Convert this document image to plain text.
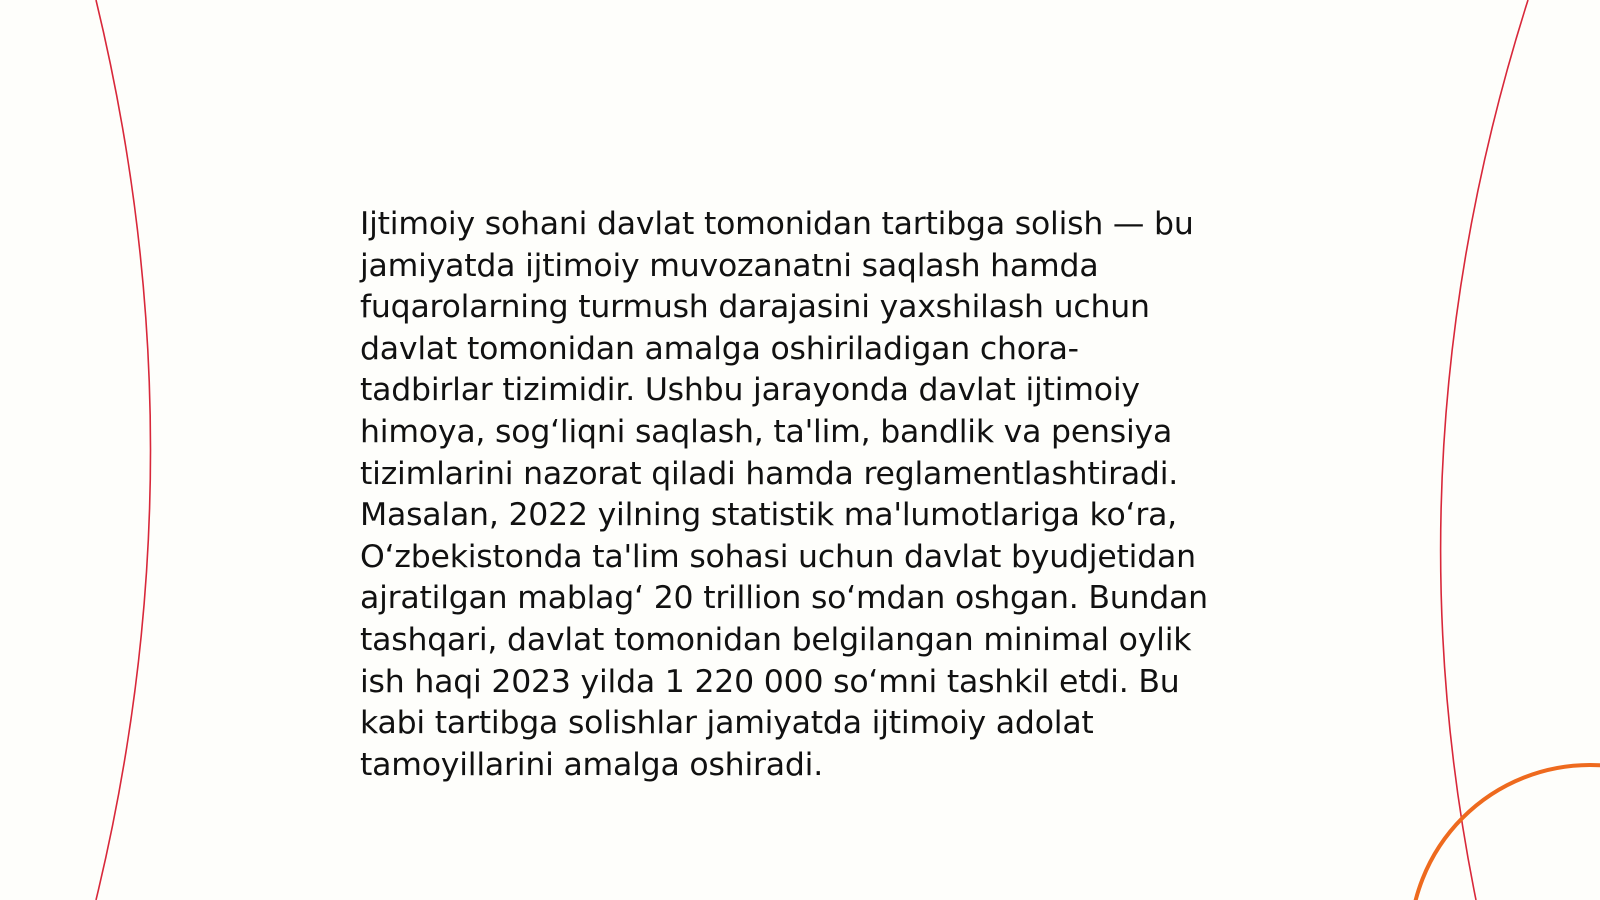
Ijtimoiy sohani davlat tomonidan tartibga solish — bu
jamiyatda ijtimoiy muvozanatni saqlash hamda
fuqarolarning turmush darajasini yaxshilash uchun
davlat tomonidan amalga oshiriladigan chora-
tadbirlar tizimidir. Ushbu jarayonda davlat ijtimoiy
himoya, sog‘liqni saqlash, ta'lim, bandlik va pensiya
tizimlarini nazorat qiladi hamda reglamentlashtiradi.
Masalan, 2022 yilning statistik ma'lumotlariga ko‘ra,
O‘zbekistonda ta'lim sohasi uchun davlat byudjetidan
ajratilgan mablag‘ 20 trillion so‘mdan oshgan. Bundan
tashqari, davlat tomonidan belgilangan minimal oylik
ish haqi 2023 yilda 1 220 000 so‘mni tashkil etdi. Bu
kabi tartibga solishlar jamiyatda ijtimoiy adolat
tamoyillarini amalga oshiradi.
